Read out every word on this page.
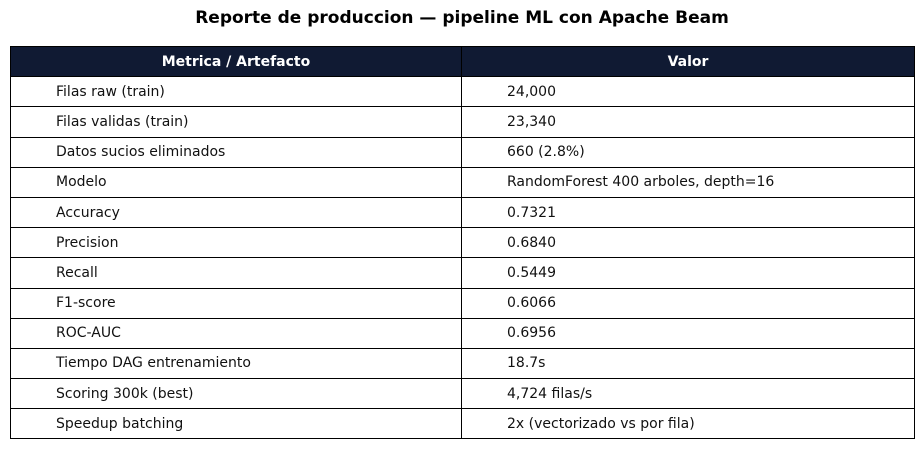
Reporte de produccion — pipeline ML con Apache Beam
Metrica / Artefacto	Valor
Filas raw (train)	24,000
Filas validas (train)	23,340
Datos sucios eliminados	660 (2.8%)
Modelo	RandomForest 400 arboles, depth=16
Accuracy	0.7321
Precision	0.6840
Recall	0.5449
F1-score	0.6066
ROC-AUC	0.6956
Tiempo DAG entrenamiento	18.7s
Scoring 300k (best)	4,724 filas/s
Speedup batching	2x (vectorizado vs por fila)
